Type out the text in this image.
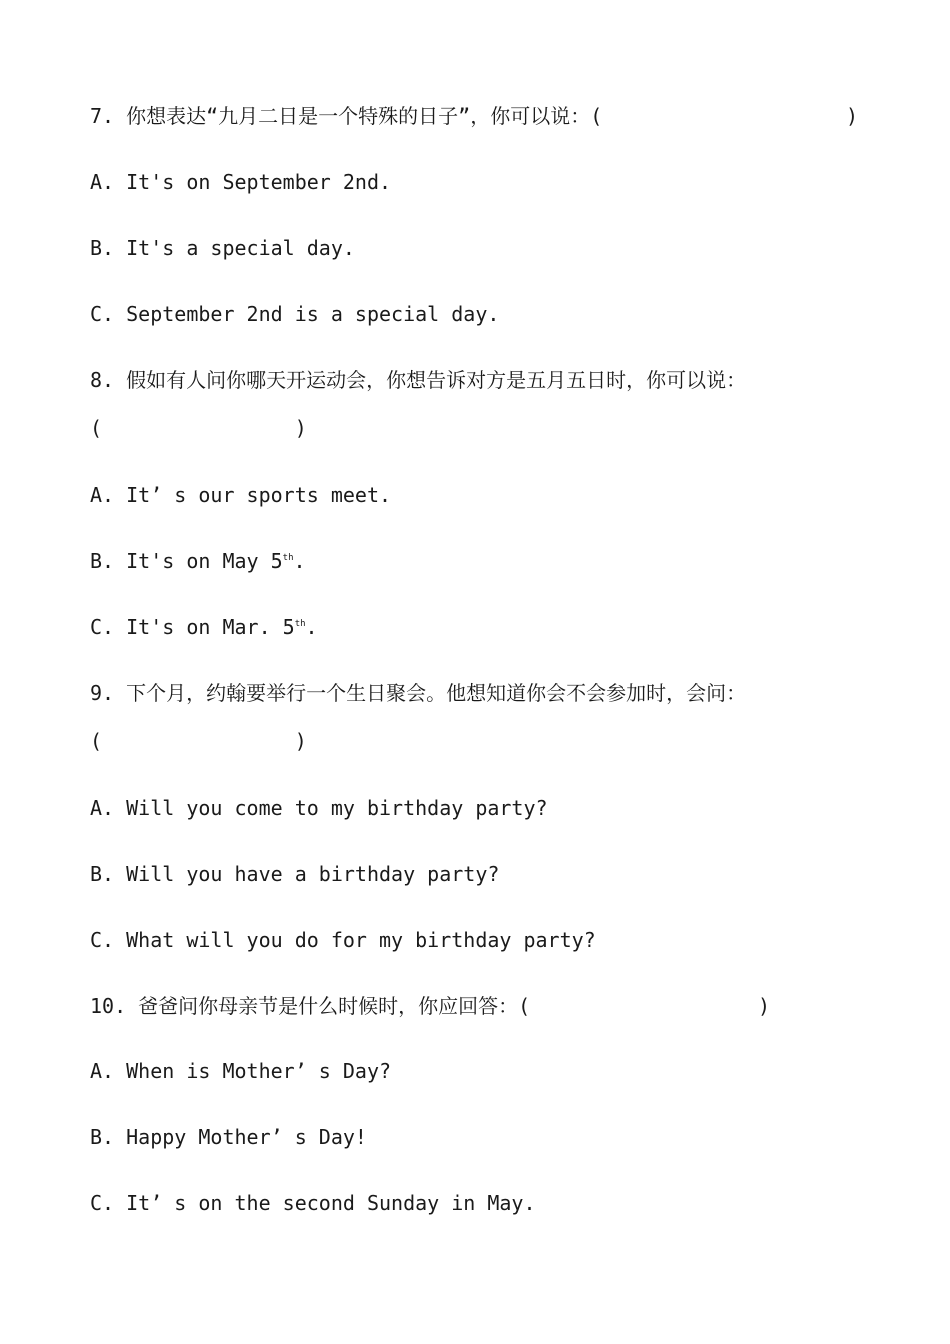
7. 你想表达“九月二日是一个特殊的日子”，你可以说：(	)
A. It's on September 2nd.
B. It's a special day.
C. September 2nd is a special day.
8. 假如有人问你哪天开运动会，你想告诉对方是五月五日时，你可以说：
(                )
A. It’ s our sports meet.
B. It's on May 5th.
C. It's on Mar. 5th.
9. 下个月，约翰要举行一个生日聚会。他想知道你会不会参加时，会问：
(                )
A. Will you come to my birthday party?
B. Will you have a birthday party?
C. What will you do for my birthday party?
10. 爸爸问你母亲节是什么时候时，你应回答：(	)
A. When is Mother’ s Day?
B. Happy Mother’ s Day!
C. It’ s on the second Sunday in May.
